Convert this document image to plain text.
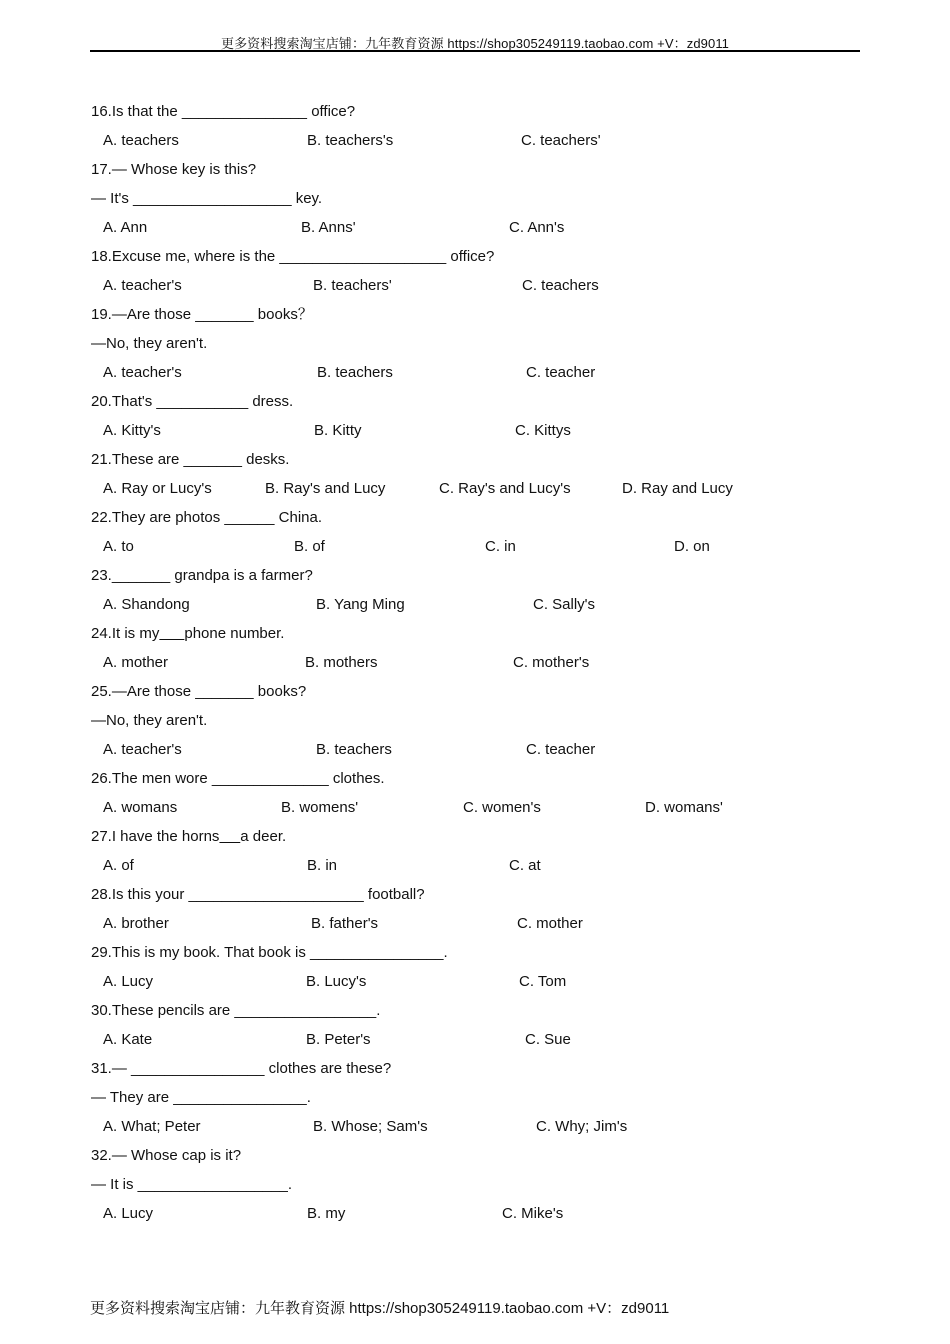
更多资料搜索淘宝店铺：九年教育资源 https://shop305249119.taobao.com +V：zd9011
16.Is that the _______________ office?
A. teachers	B. teachers's	C. teachers'
17.— Whose key is this?
— It's ___________________ key.
A. Ann	B. Anns'	C. Ann's
18.Excuse me, where is the ____________________ office?
A. teacher's	B. teachers'	C. teachers
19.—Are those _______ books？
—No, they aren't.
A. teacher's	B. teachers	C. teacher
20.That's ___________ dress.
A. Kitty's	B. Kitty	C. Kittys
21.These are _______ desks.
A. Ray or Lucy's	B. Ray's and Lucy	C. Ray's and Lucy's	D. Ray and Lucy
22.They are photos ______ China.
A. to	B. of	C. in	D. on
23._______ grandpa is a farmer?
A. Shandong	B. Yang Ming	C. Sally's
24.It is my phone number.
A. mother	B. mothers	C. mother's
25.—Are those _______ books?
—No, they aren't.
A. teacher's	B. teachers	C. teacher
26.The men wore ______________ clothes.
A. womans	B. womens'	C. women's	D. womans'
27.I have the horns a deer.
A. of	B. in	C. at
28.Is this your _____________________ football?
A. brother	B. father's	C. mother
29.This is my book. That book is ________________.
A. Lucy	B. Lucy's	C. Tom
30.These pencils are _________________.
A. Kate	B. Peter's	C. Sue
31.— ________________ clothes are these?
— They are ________________.
A. What; Peter	B. Whose; Sam's	C. Why; Jim's
32.— Whose cap is it?
— It is __________________.
A. Lucy	B. my	C. Mike's
更多资料搜索淘宝店铺：九年教育资源 https://shop305249119.taobao.com +V：zd9011
